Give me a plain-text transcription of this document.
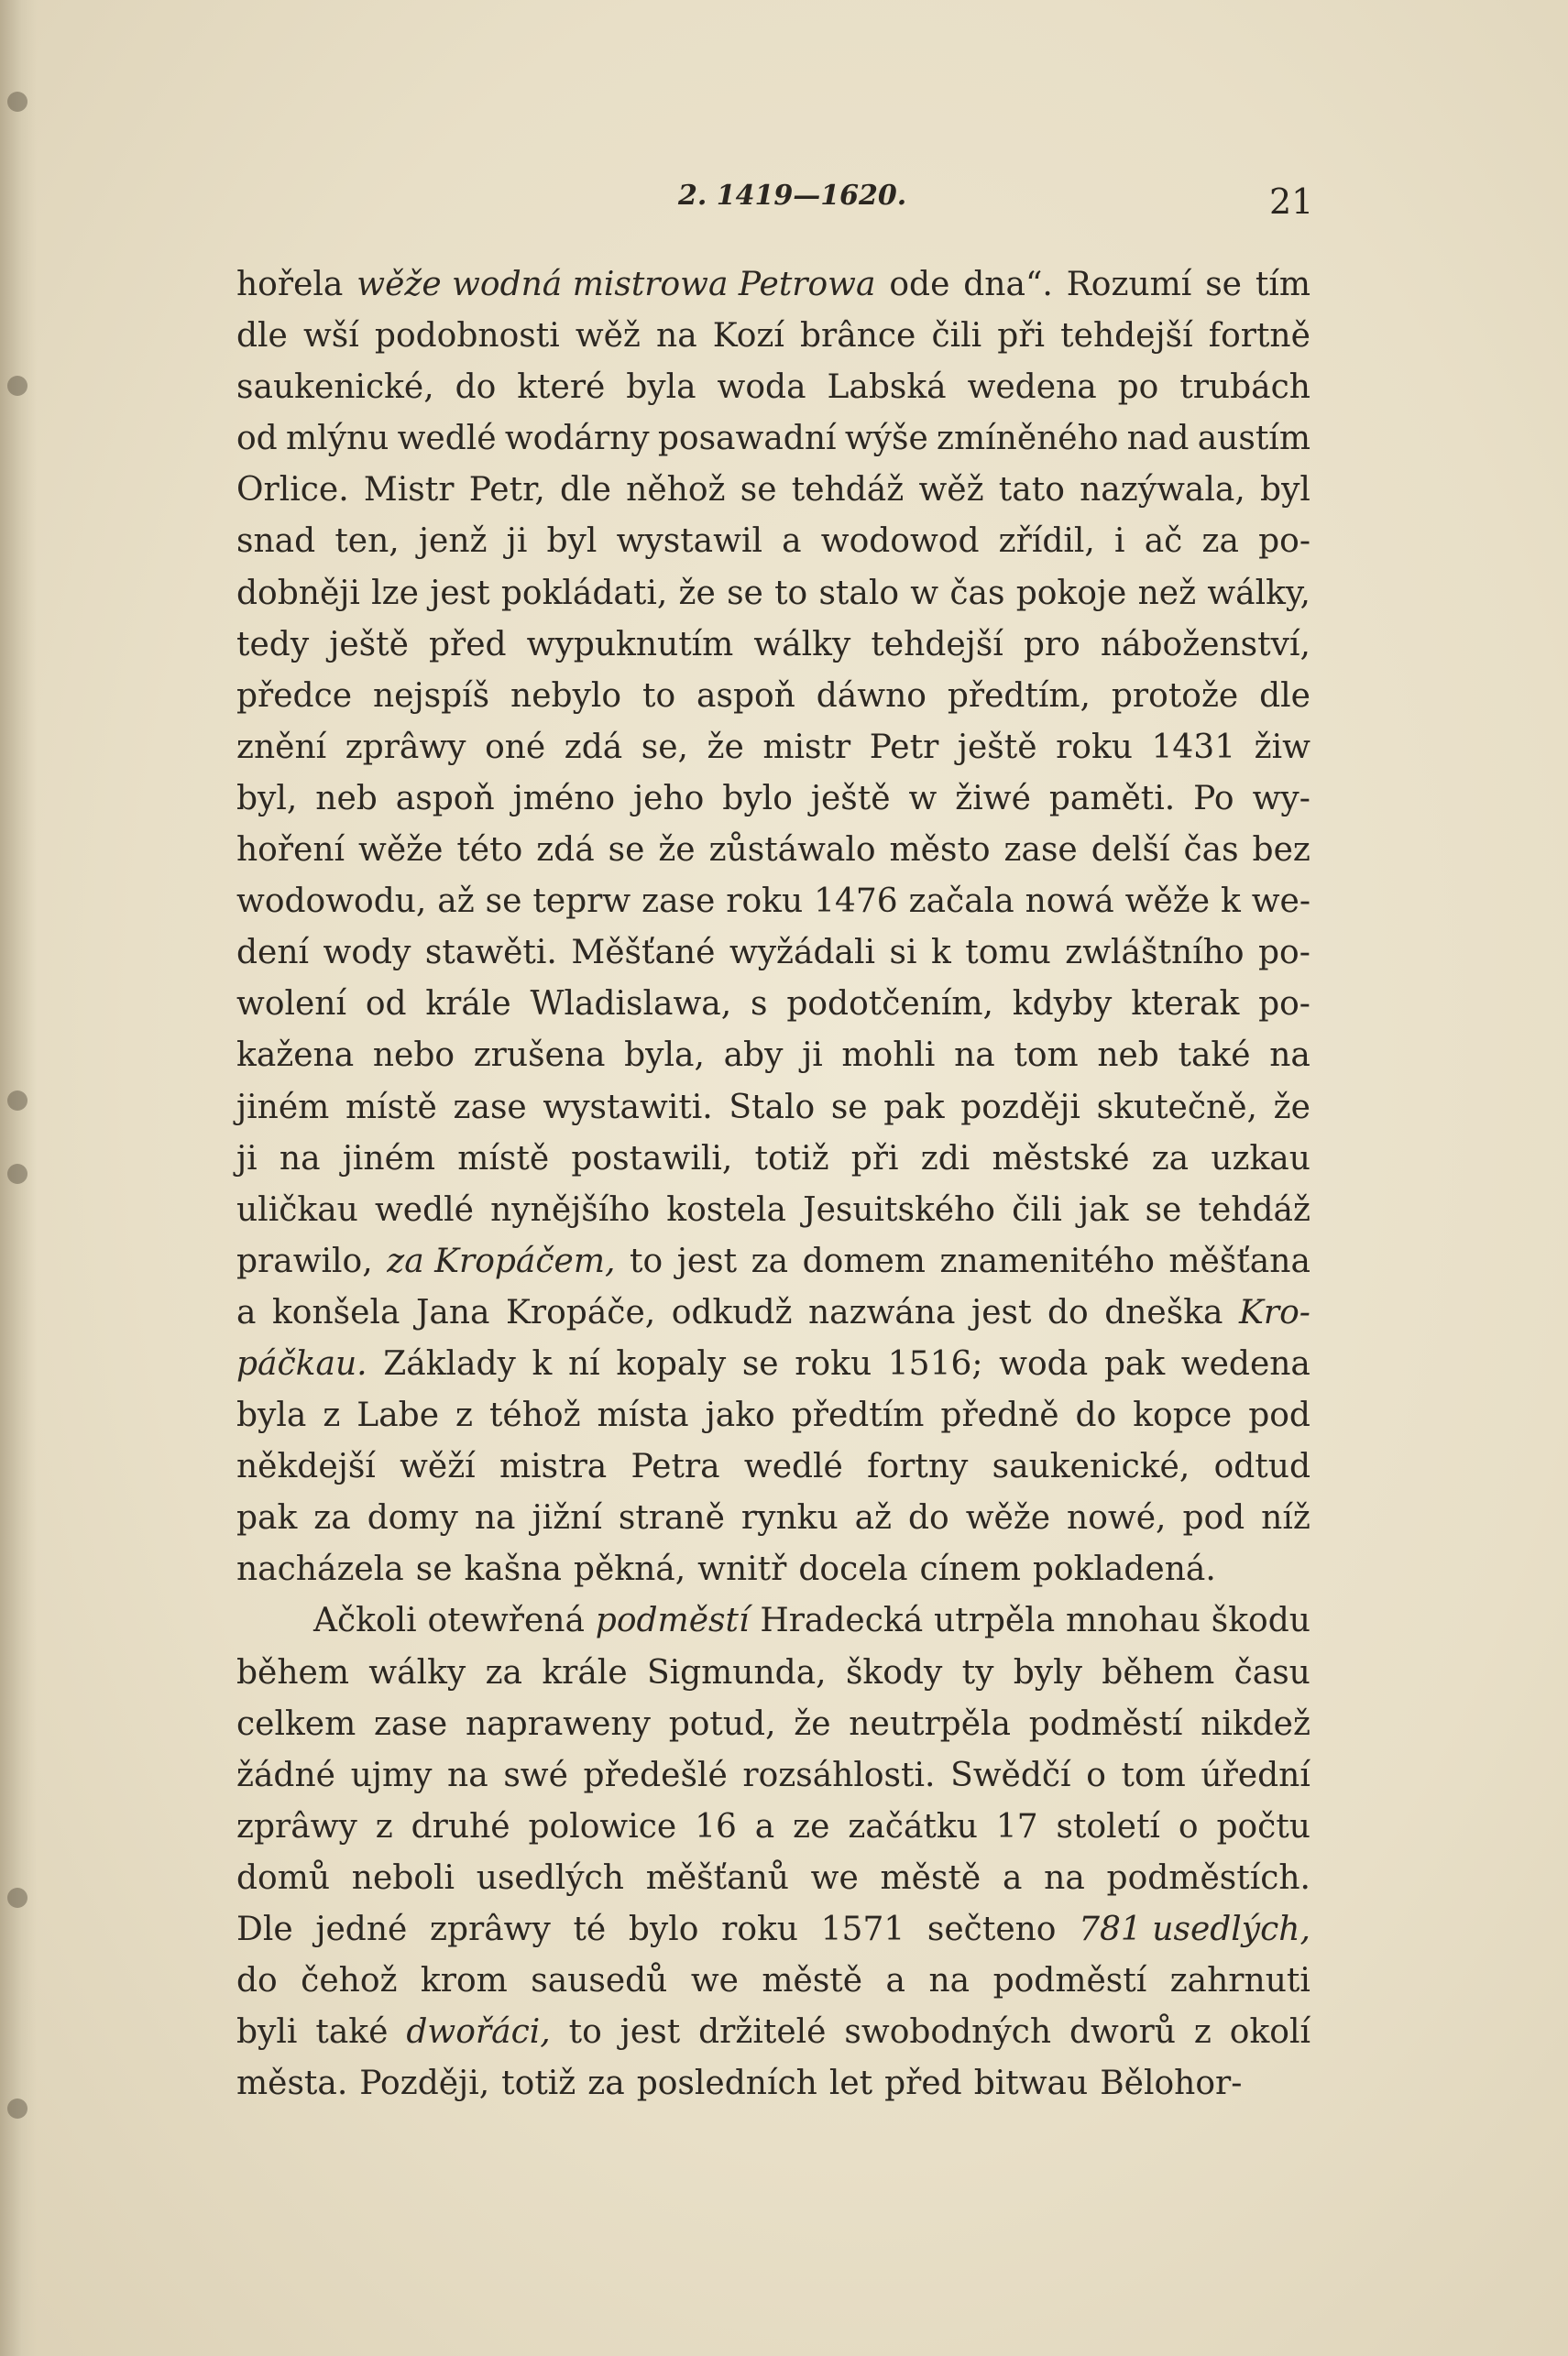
2. 1419—1620.	21
hořela wěže wodná mistrowa Petrowa ode dna“. Rozumí se tím
dle wší podobnosti wěž na Kozí brânce čili při tehdejší fortně
saukenické, do které byla woda Labská wedena po trubách
od mlýnu wedlé wodárny posawadní wýše zmíněného nad austím
Orlice. Mistr Petr, dle něhož se tehdáž wěž tato nazýwala, byl
snad ten, jenž ji byl wystawil a wodowod zřídil, i ač za po-
dobněji lze jest pokládati, že se to stalo w čas pokoje než wálky,
tedy ještě před wypuknutím wálky tehdejší pro náboženství,
předce nejspíš nebylo to aspoň dáwno předtím, protože dle
znění zprâwy oné zdá se, že mistr Petr ještě roku 1431 žiw
byl, neb aspoň jméno jeho bylo ještě w žiwé paměti. Po wy-
hoření wěže této zdá se že zůstáwalo město zase delší čas bez
wodowodu, až se teprw zase roku 1476 začala nowá wěže k we-
dení wody stawěti. Měšťané wyžádali si k tomu zwláštního po-
wolení od krále Wladislawa, s podotčením, kdyby kterak po-
kažena nebo zrušena byla, aby ji mohli na tom neb také na
jiném místě zase wystawiti. Stalo se pak později skutečně, že
ji na jiném místě postawili, totiž při zdi městské za uzkau
uličkau wedlé nynějšího kostela Jesuitského čili jak se tehdáž
prawilo, za Kropáčem, to jest za domem znamenitého měšťana
a konšela Jana Kropáče, odkudž nazwána jest do dneška Kro-
páčkau. Základy k ní kopaly se roku 1516; woda pak wedena
byla z Labe z téhož místa jako předtím předně do kopce pod
někdejší wěží mistra Petra wedlé fortny saukenické, odtud
pak za domy na jižní straně rynku až do wěže nowé, pod níž
nacházela se kašna pěkná, wnitř docela cínem pokladená.
Ačkoli otewřená podměstí Hradecká utrpěla mnohau škodu
během wálky za krále Sigmunda, škody ty byly během času
celkem zase napraweny potud, že neutrpěla podměstí nikdež
žádné ujmy na swé předešlé rozsáhlosti. Swědčí o tom úřední
zprâwy z druhé polowice 16 a ze začátku 17 století o počtu
domů neboli usedlých měšťanů we městě a na podměstích.
Dle jedné zprâwy té bylo roku 1571 sečteno 781 usedlých,
do čehož krom sausedů we městě a na podměstí zahrnuti
byli také dwořáci, to jest držitelé swobodných dworů z okolí
města. Později, totiž za posledních let před bitwau Bělohor-
